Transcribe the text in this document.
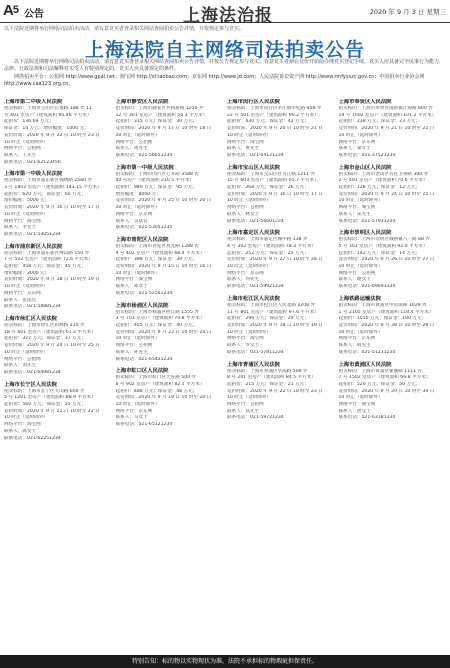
A5 公告	上海法治报	2020 年 9 月 3 日 星期三
以下法院近期将举行网络司法拍卖活动，请有意竞买者登录相关网站查阅拍卖公告详情，并按规定参与竞买。
上海法院自主网络司法拍卖公告

以下法院近期将举行网络司法拍卖活动，请有意竞买者登录相关网站查阅拍卖公告详情，并按公告规定参与竞买。有意竞买者须在竞价开始前办理竞买登记手续，竞买人应具备完全民事行为能力，法律、行政法规和司法解释对买受人有特别规定的，竞买人应具备规定的条件。

网络拍卖平台：公拍网 http://www.gpai.net；淘宝网 http://sf.taobao.com；京东网 http://www.jd.com；人民法院诉讼资产网 http://www.rmfysszc.gov.cn；中国拍卖行业协会网 http://www.caa123.org.cn。

上海市第二中级人民法院
拍卖标的：上海市宝山区长逸路 188 弄 11
号 401 室房产（建筑面积 95.46 平方米）
起拍价：136.69 万元；
保证金：14 万元；增价幅度：1000 元；
竞价时间：2020 年 9 月 22 日 10 时至 23 日
10 时止（延时除外）
网络平台：公拍网
联系人：王先生
联系电话：021-62123456
上海市第一中级人民法院
拍卖标的：上海市浦东新区锦绣路 2580 弄
3 号 1802 室房产（建筑面积 143.15 平方米）
起拍价：620 万元；保证金：60 万元；
增价幅度：5000 元；
竞价时间：2020 年 9 月 16 日 10 时至 17 日
10 时止（延时除外）
网络平台：淘宝网
联系人：李女士
联系电话：021-53051234
上海市浦东新区人民法院
拍卖标的：上海市浦东新区博山路 150 弄
7 号 502 室房产（建筑面积 72.6 平方米）
起拍价：458 万元；保证金：45 万元；
增价幅度：3000 元；
竞价时间：2020 年 9 月 18 日 10 时至 19 日
10 时止（延时除外）
网络平台：京东网
联系人：张法官
联系电话：021-58881234
上海市徐汇区人民法院
拍卖标的：上海市徐汇区田林路 210 弄
18 号 601 室房产（建筑面积 61.2 平方米）
起拍价：372 万元；保证金：37 万元；
竞价时间：2020 年 9 月 24 日 10 时至 25 日
10 时止（延时除外）
网络平台：公拍网
联系人：刘先生
联系电话：021-64981234
上海市长宁区人民法院
拍卖标的：上海市长宁区天山路 600 弄
5 号 1201 室房产（建筑面积 88.9 平方米）
起拍价：560 万元；保证金：55 万元；
竞价时间：2020 年 9 月 21 日 10 时至 22 日
10 时止（延时除外）
网络平台：淘宝网
联系人：陈女士
联系电话：021-62251234
上海市静安区人民法院
拍卖标的：上海市静安区共和新路 1250 弄
12 号 301 室房产（建筑面积 56.3 平方米）
起拍价：315 万元；保证金：30 万元；
竞价时间：2020 年 9 月 17 日 10 时至 18 日
10 时止（延时除外）
网络平台：公拍网
联系人：周先生
联系电话：021-56651234
上海市第一中级人民法院
拍卖标的：上海市闵行区七莘路 3588 弄
40 号房产（建筑面积 210.5 平方米）
起拍价：980 万元；保证金：95 万元；
增价幅度：8000 元；
竞价时间：2020 年 9 月 25 日 10 时至 26 日
10 时止（延时除外）
网络平台：京东网
联系人：吴法官
联系电话：021-53051235
上海市普陀区人民法院
拍卖标的：上海市普陀区真光路 1288 弄
9 号 402 室房产（建筑面积 68.4 平方米）
起拍价：398 万元；保证金：39 万元；
竞价时间：2020 年 9 月 15 日 10 时至 16 日
10 时止（延时除外）
网络平台：淘宝网
联系人：郑女士
联系电话：021-52561234
上海市杨浦区人民法院
拍卖标的：上海市杨浦区控江路 1555 弄
3 号 701 室房产（建筑面积 74.8 平方米）
起拍价：405 万元；保证金：40 万元；
竞价时间：2020 年 9 月 23 日 10 时至 24 日
10 时止（延时除外）
网络平台：公拍网
联系人：孙先生
联系电话：021-65431234
上海市虹口区人民法院
拍卖标的：上海市虹口区大连路 500 弄
6 号 902 室房产（建筑面积 82.1 平方米）
起拍价：488 万元；保证金：48 万元；
竞价时间：2020 年 9 月 19 日 10 时至 20 日
10 时止（延时除外）
网络平台：京东网
联系人：马女士
联系电话：021-65121234
上海市闵行区人民法院
拍卖标的：上海市闵行区莘庄镇莘松路 958 弄
22 号 501 室房产（建筑面积 90.2 平方米）
起拍价：430 万元；保证金：42 万元；
竞价时间：2020 年 9 月 20 日 10 时至 21 日
10 时止（延时除外）
网络平台：淘宝网
联系人：黄先生
联系电话：021-64121234
上海市宝山区人民法院
拍卖标的：上海市宝山区牡丹江路 1211 弄
15 号 603 室房产（建筑面积 65.7 平方米）
起拍价：268 万元；保证金：26 万元；
竞价时间：2020 年 9 月 16 日 10 时至 17 日
10 时止（延时除外）
网络平台：公拍网
联系人：林女士
联系电话：021-56601234
上海市嘉定区人民法院
拍卖标的：上海市嘉定区城中路 138 弄
4 号 302 室房产（建筑面积 78.3 平方米）
起拍价：252 万元；保证金：25 万元；
竞价时间：2020 年 9 月 27 日 10 时至 28 日
10 时止（延时除外）
网络平台：京东网
联系人：何先生
联系电话：021-59921234
上海市松江区人民法院
拍卖标的：上海市松江区人民北路 2208 弄
11 号 801 室房产（建筑面积 97.6 平方米）
起拍价：296 万元；保证金：29 万元；
竞价时间：2020 年 9 月 18 日 10 时至 19 日
10 时止（延时除外）
网络平台：淘宝网
联系人：罗女士
联系电话：021-57811234
上海市青浦区人民法院
拍卖标的：上海市青浦区华浦路 500 弄
8 号 201 室房产（建筑面积 84.5 平方米）
起拍价：215 万元；保证金：21 万元；
竞价时间：2020 年 9 月 22 日 10 时至 23 日
10 时止（延时除外）
网络平台：公拍网
联系人：高先生
联系电话：021-59721234
上海市奉贤区人民法院
拍卖标的：上海市奉贤区南桥镇江海路 800 弄
19 号 1002 室房产（建筑面积 101.2 平方米）
起拍价：238 万元；保证金：23 万元；
竞价时间：2020 年 9 月 21 日 10 时至 22 日
10 时止（延时除外）
网络平台：京东网
联系人：梁女士
联系电话：021-37521234
上海市金山区人民法院
拍卖标的：上海市金山区石化卫零路 300 弄
2 号 401 室房产（建筑面积 70.6 平方米）
起拍价：128 万元；保证金：12 万元；
竞价时间：2020 年 9 月 24 日 10 时至 25 日
10 时止（延时除外）
网络平台：淘宝网
联系人：宋先生
联系电话：021-57931234
上海市崇明区人民法院
拍卖标的：上海市崇明区城桥镇八一路 88 弄
5 号 301 室房产（建筑面积 92.0 平方米）
起拍价：142 万元；保证金：14 万元；
竞价时间：2020 年 9 月 26 日 10 时至 27 日
10 时止（延时除外）
网络平台：公拍网
联系人：谢女士
联系电话：021-69691234
上海铁路运输法院
拍卖标的：上海市黄浦区中山南路 1029 弄
1 号 2105 室房产（建筑面积 118.4 平方米）
起拍价：1050 万元；保证金：100 万元；
竞价时间：2020 年 9 月 28 日 10 时至 29 日
10 时止（延时除外）
网络平台：京东网
联系人：韩先生
联系电话：021-51231234
上海市黄浦区人民法院
拍卖标的：上海市黄浦区瞿溪路 1111 弄
7 号 1502 室房产（建筑面积 66.8 平方米）
起拍价：520 万元；保证金：50 万元；
竞价时间：2020 年 9 月 29 日 10 时至 30 日
10 时止（延时除外）
网络平台：淘宝网
联系人：唐女士
联系电话：021-63181234
特别告知：标的物以实物现状为准，法院不承担标的物瑕疵担保责任。
